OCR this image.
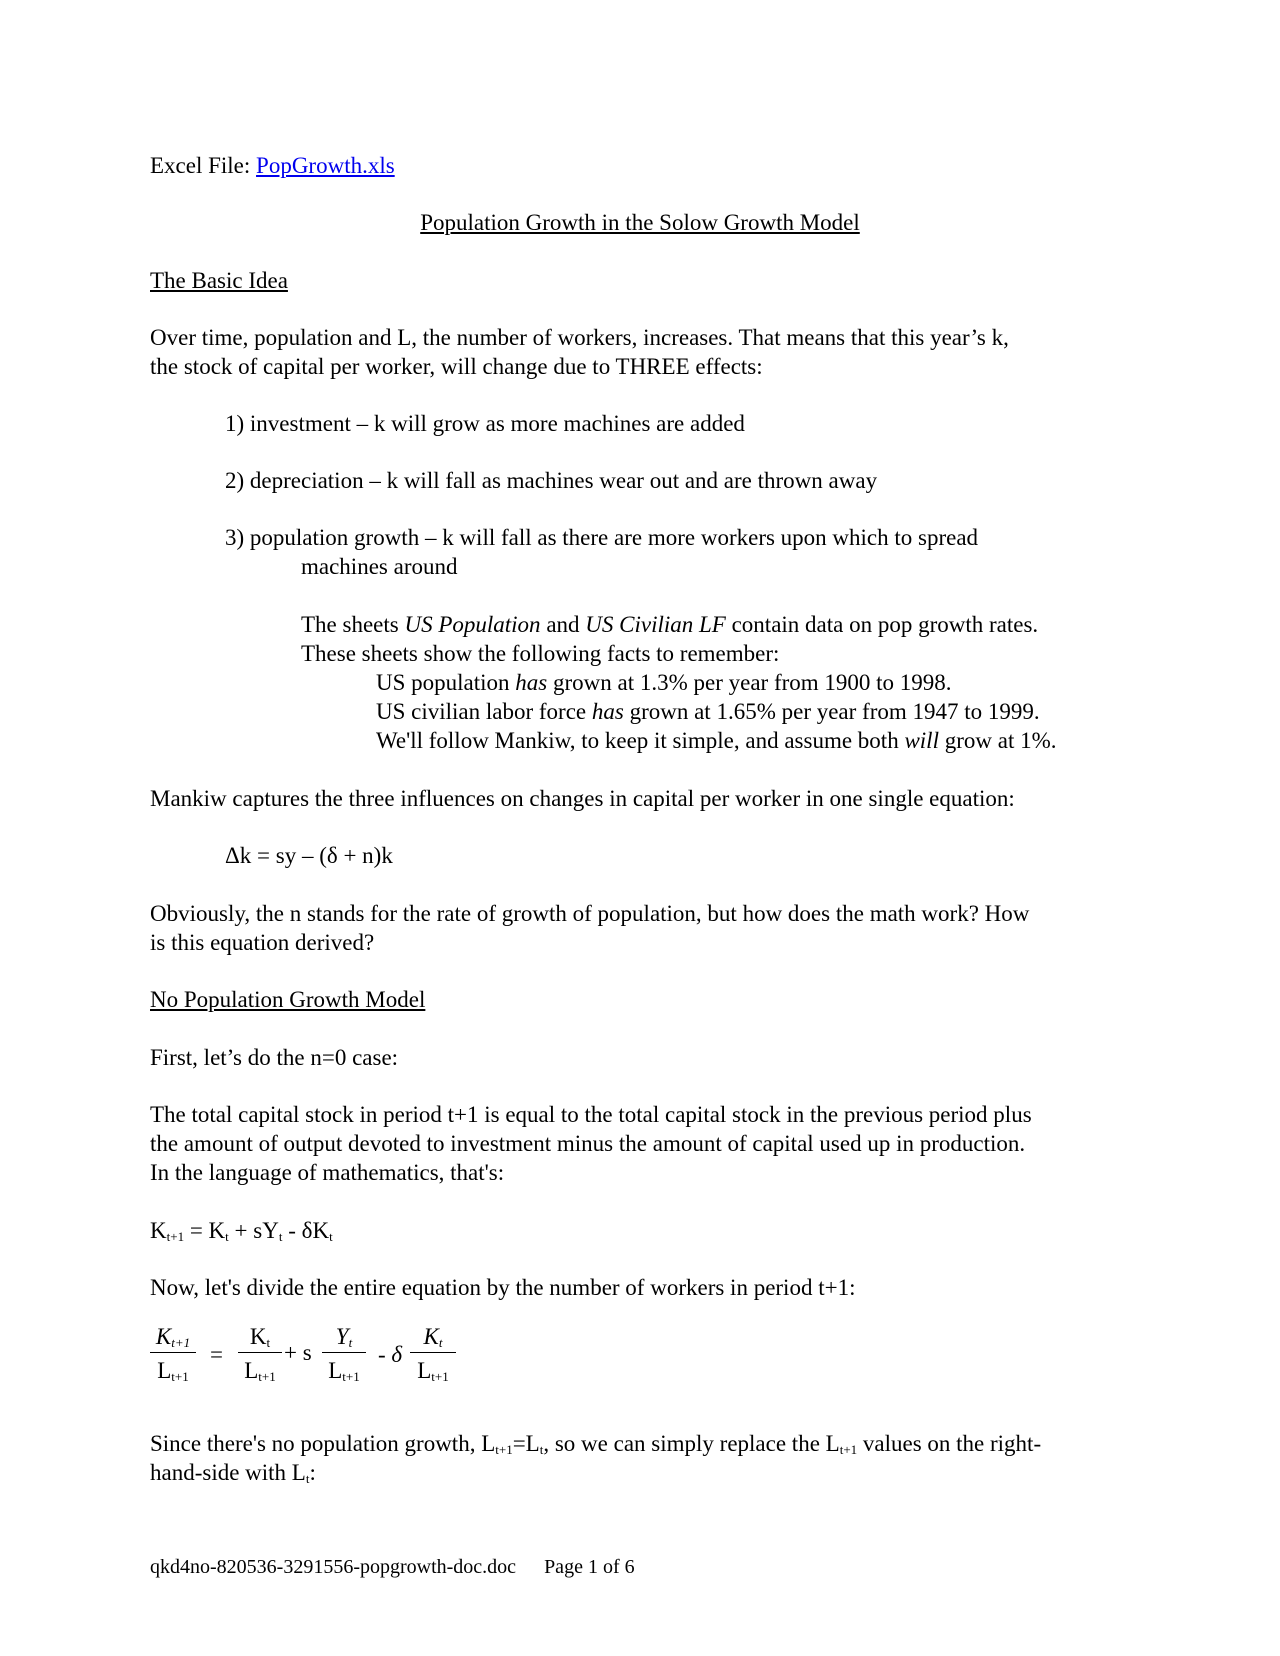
Excel File: PopGrowth.xls
Population Growth in the Solow Growth Model
The Basic Idea
Over time, population and L, the number of workers, increases. That means that this year’s k,
the stock of capital per worker, will change due to THREE effects:
1) investment – k will grow as more machines are added
2) depreciation – k will fall as machines wear out and are thrown away
3) population growth – k will fall as there are more workers upon which to spread
machines around
The sheets US Population and US Civilian LF contain data on pop growth rates.
These sheets show the following facts to remember:
US population has grown at 1.3% per year from 1900 to 1998.
US civilian labor force has grown at 1.65% per year from 1947 to 1999.
We'll follow Mankiw, to keep it simple, and assume both will grow at 1%.
Mankiw captures the three influences on changes in capital per worker in one single equation:
Δk = sy – (δ + n)k
Obviously, the n stands for the rate of growth of population, but how does the math work? How
is this equation derived?
No Population Growth Model
First, let’s do the n=0 case:
The total capital stock in period t+1 is equal to the total capital stock in the previous period plus
the amount of output devoted to investment minus the amount of capital used up in production.
In the language of mathematics, that's:
$K_{t+1} = K_t + sY_t - \delta K_t$
Now, let's divide the entire equation by the number of workers in period t+1:
$\frac{K_{t+1}}{L_{t+1}} = \frac{K_t}{L_{t+1}} + s \frac{Y_t}{L_{t+1}} - \delta \frac{K_t}{L_{t+1}}$
Since there's no population growth, $L_{t+1}=L_t$, so we can simply replace the $L_{t+1}$ values on the right-
hand-side with $L_t$:
qkd4no-820536-3291556-popgrowth-doc.doc Page 1 of 6
